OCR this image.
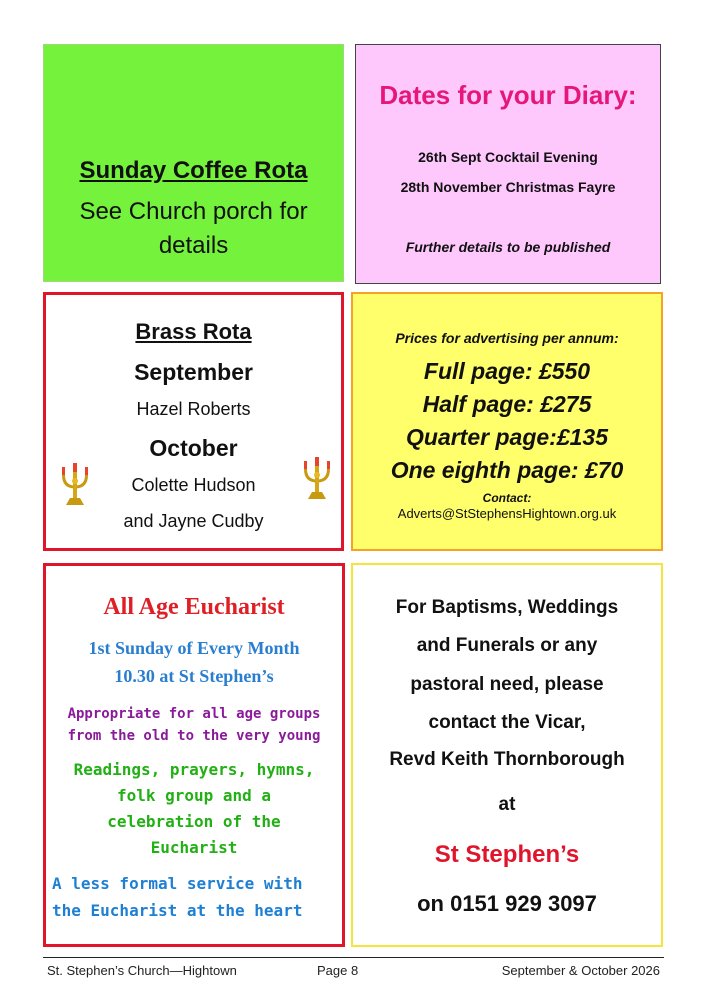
Sunday Coffee Rota
See Church porch for
details
Dates for your Diary:
26th Sept Cocktail Evening
28th November Christmas Fayre
Further details to be published
Brass Rota
September
Hazel Roberts
October
Colette Hudson
and Jayne Cudby
Prices for advertising per annum:
Full page: £550
Half page: £275
Quarter page:£135
One eighth page: £70
Contact:
Adverts@StStephensHightown.org.uk
All Age Eucharist
1st Sunday of Every Month
10.30 at St Stephen’s
Appropriate for all age groups
from the old to the very young
Readings, prayers, hymns,
folk group and a
celebration of the
Eucharist
A less formal service with
the Eucharist at the heart
For Baptisms, Weddings
and Funerals or any
pastoral need, please
contact the Vicar,
Revd Keith Thornborough
at
St Stephen’s
on 0151 929 3097
St. Stephen’s Church—Hightown	Page 8	September & October 2026
